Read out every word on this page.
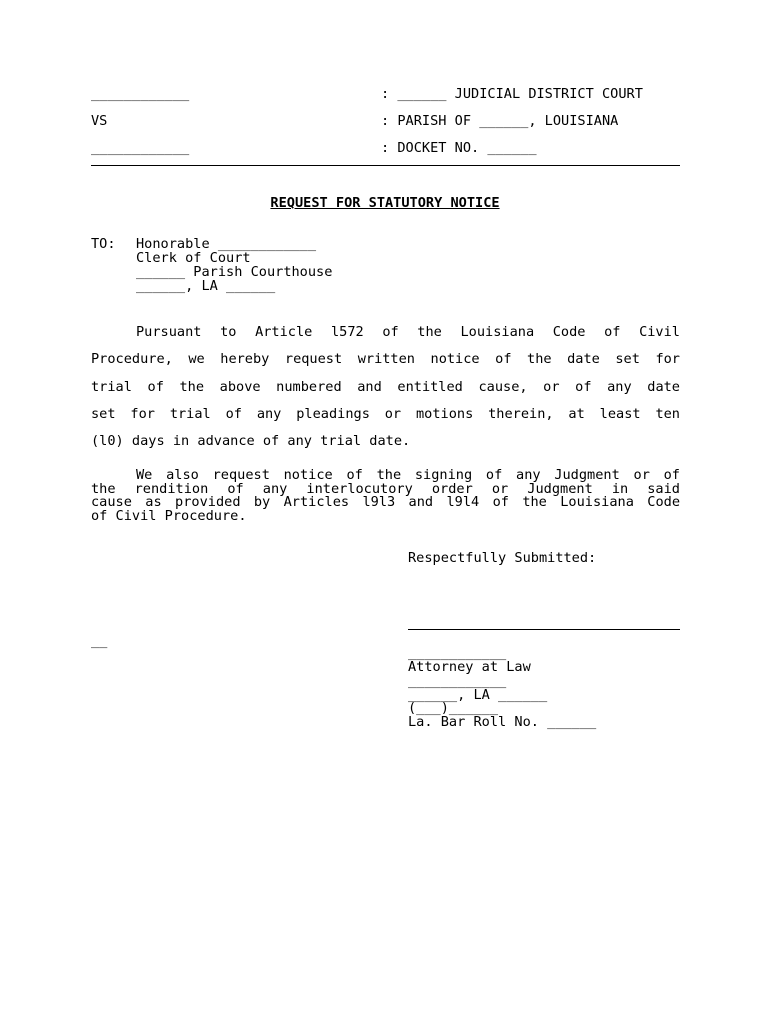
____________	: ______ JUDICIAL DISTRICT COURT
VS	: PARISH OF ______, LOUISIANA
____________	: DOCKET NO. ______
REQUEST FOR STATUTORY NOTICE
TO: Honorable ____________
Clerk of Court
______ Parish Courthouse
______, LA ______
Pursuant to Article l572 of the Louisiana Code of Civil
Procedure, we hereby request written notice of the date set for
trial of the above numbered and entitled cause, or of any date
set for trial of any pleadings or motions therein, at least ten
(l0) days in advance of any trial date.
We also request notice of the signing of any Judgment or of
the rendition of any interlocutory order or Judgment in said
cause as provided by Articles l9l3 and l9l4 of the Louisiana Code
of Civil Procedure.
Respectfully Submitted:
__
____________
Attorney at Law
____________
______, LA ______
(___)______
La. Bar Roll No. ______
